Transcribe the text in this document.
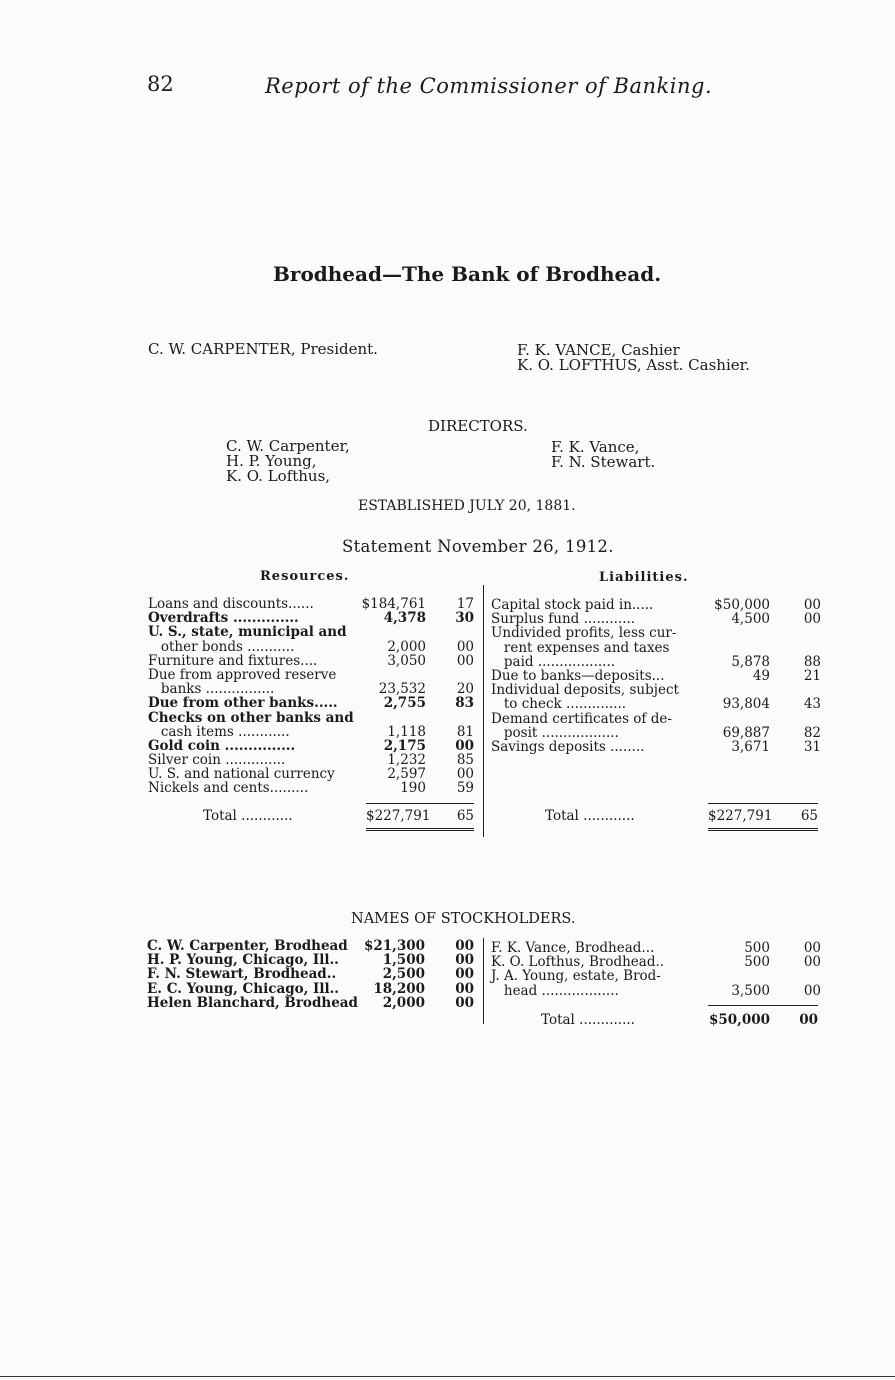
82	Report of the Commissioner of Banking.
Brodhead—The Bank of Brodhead.
C. W. CARPENTER, President.	F. K. VANCE, Cashier
K. O. LOFTHUS, Asst. Cashier.
DIRECTORS.
C. W. Carpenter,
H. P. Young,
K. O. Lofthus,
F. K. Vance,
F. N. Stewart.
ESTABLISHED JULY 20, 1881.
Statement November 26, 1912.
Resources.	Liabilities.
Loans and discounts......	$184,761 17
Overdrafts ..............	4,378 30
U. S., state, municipal and
other bonds ...........	2,000 00
Furniture and fixtures....	3,050 00
Due from approved reserve
banks ................	23,532 20
Due from other banks.....	2,755 83
Checks on other banks and
cash items ............	1,118 81
Gold coin ...............	2,175 00
Silver coin ..............	1,232 85
U. S. and national currency	2,597 00
Nickels and cents.........	190 59
Capital stock paid in.....	$50,000	00
Surplus fund ............	4,500	00
Undivided profits, less cur-
rent expenses and taxes
paid ..................	5,878	88
Due to banks—deposits...	49	21
Individual deposits, subject
to check ..............	93,804	43
Demand certificates of de-
posit ..................	69,887	82
Savings deposits ........	3,671	31
Total ............	$227,791	65	Total ............	$227,791	65
NAMES OF STOCKHOLDERS.
C. W. Carpenter, Brodhead $21,300 00
H. P. Young, Chicago, Ill..	1,500 00
F. N. Stewart, Brodhead..	2,500 00
E. C. Young, Chicago, Ill..	18,200 00
Helen Blanchard, Brodhead 2,000 00
F. K. Vance, Brodhead...	500	00
K. O. Lofthus, Brodhead..	500	00
J. A. Young, estate, Brod-
head ..................	3,500	00
Total .............	$50,000 00
